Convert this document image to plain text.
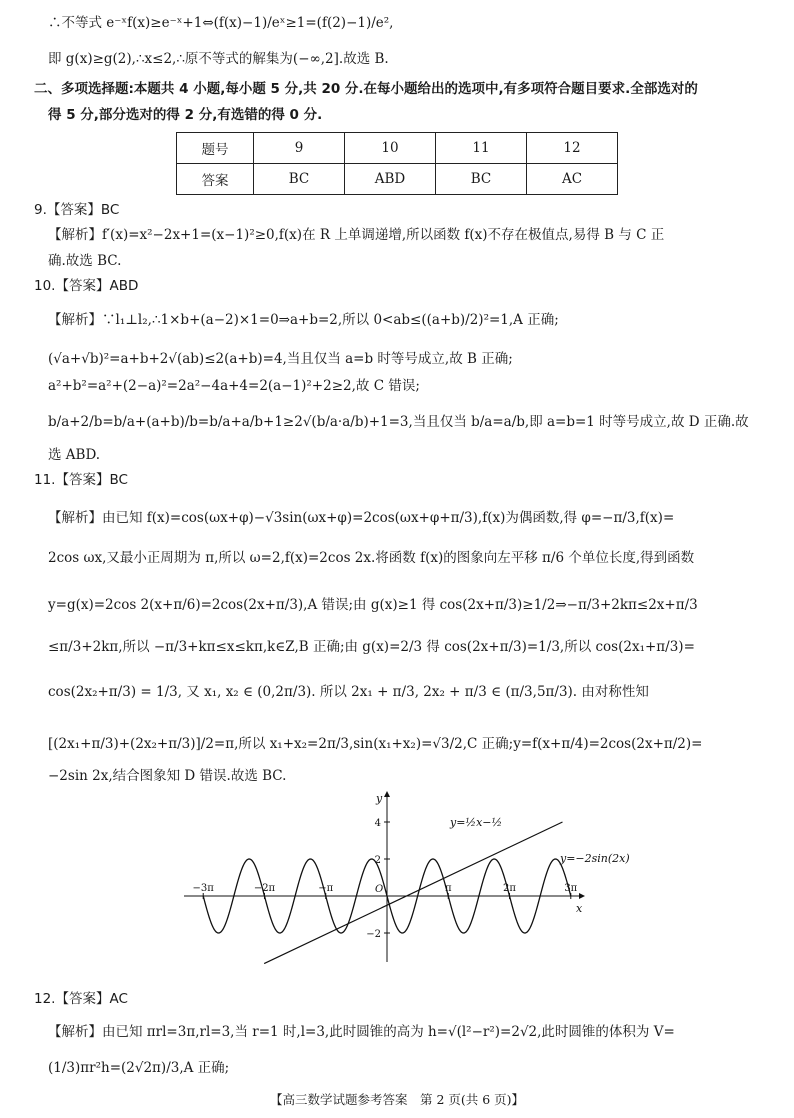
∴不等式 e⁻ˣf(x)≥e⁻ˣ+1⇔(f(x)−1)/eˣ≥1=(f(2)−1)/e²,
即 g(x)≥g(2),∴x≤2,∴原不等式的解集为(−∞,2].故选 B.
二、多项选择题:本题共 4 小题,每小题 5 分,共 20 分.在每小题给出的选项中,有多项符合题目要求.全部选对的
得 5 分,部分选对的得 2 分,有选错的得 0 分.
题号	9	10	11	12
答案	BC	ABD	BC	AC
9.【答案】BC
【解析】f′(x)=x²−2x+1=(x−1)²≥0,f(x)在 R 上单调递增,所以函数 f(x)不存在极值点,易得 B 与 C 正
确.故选 BC.
10.【答案】ABD
【解析】∵l₁⊥l₂,∴1×b+(a−2)×1=0⇒a+b=2,所以 0<ab≤((a+b)/2)²=1,A 正确;
(√a+√b)²=a+b+2√(ab)≤2(a+b)=4,当且仅当 a=b 时等号成立,故 B 正确;
a²+b²=a²+(2−a)²=2a²−4a+4=2(a−1)²+2≥2,故 C 错误;
b/a+2/b=b/a+(a+b)/b=b/a+a/b+1≥2√(b/a·a/b)+1=3,当且仅当 b/a=a/b,即 a=b=1 时等号成立,故 D 正确.故
选 ABD.
11.【答案】BC
【解析】由已知 f(x)=cos(ωx+φ)−√3sin(ωx+φ)=2cos(ωx+φ+π/3),f(x)为偶函数,得 φ=−π/3,f(x)=
2cos ωx,又最小正周期为 π,所以 ω=2,f(x)=2cos 2x.将函数 f(x)的图象向左平移 π/6 个单位长度,得到函数
y=g(x)=2cos 2(x+π/6)=2cos(2x+π/3),A 错误;由 g(x)≥1 得 cos(2x+π/3)≥1/2⇒−π/3+2kπ≤2x+π/3
≤π/3+2kπ,所以 −π/3+kπ≤x≤kπ,k∈Z,B 正确;由 g(x)=2/3 得 cos(2x+π/3)=1/3,所以 cos(2x₁+π/3)=
cos(2x₂+π/3) = 1/3, 又 x₁, x₂ ∈ (0,2π/3). 所以 2x₁ + π/3, 2x₂ + π/3 ∈ (π/3,5π/3). 由对称性知
[(2x₁+π/3)+(2x₂+π/3)]/2=π,所以 x₁+x₂=2π/3,sin(x₁+x₂)=√3/2,C 正确;y=f(x+π/4)=2cos(2x+π/2)=
−2sin 2x,结合图象知 D 错误.故选 BC.
4
2
−2
−3π	−2π	−π	π	2π	3π
y
x
O
y=½x−½
y=−2sin(2x)
12.【答案】AC
【解析】由已知 πrl=3π,rl=3,当 r=1 时,l=3,此时圆锥的高为 h=√(l²−r²)=2√2,此时圆锥的体积为 V=
(1/3)πr²h=(2√2π)/3,A 正确;
【高三数学试题参考答案　第 2 页(共 6 页)】
